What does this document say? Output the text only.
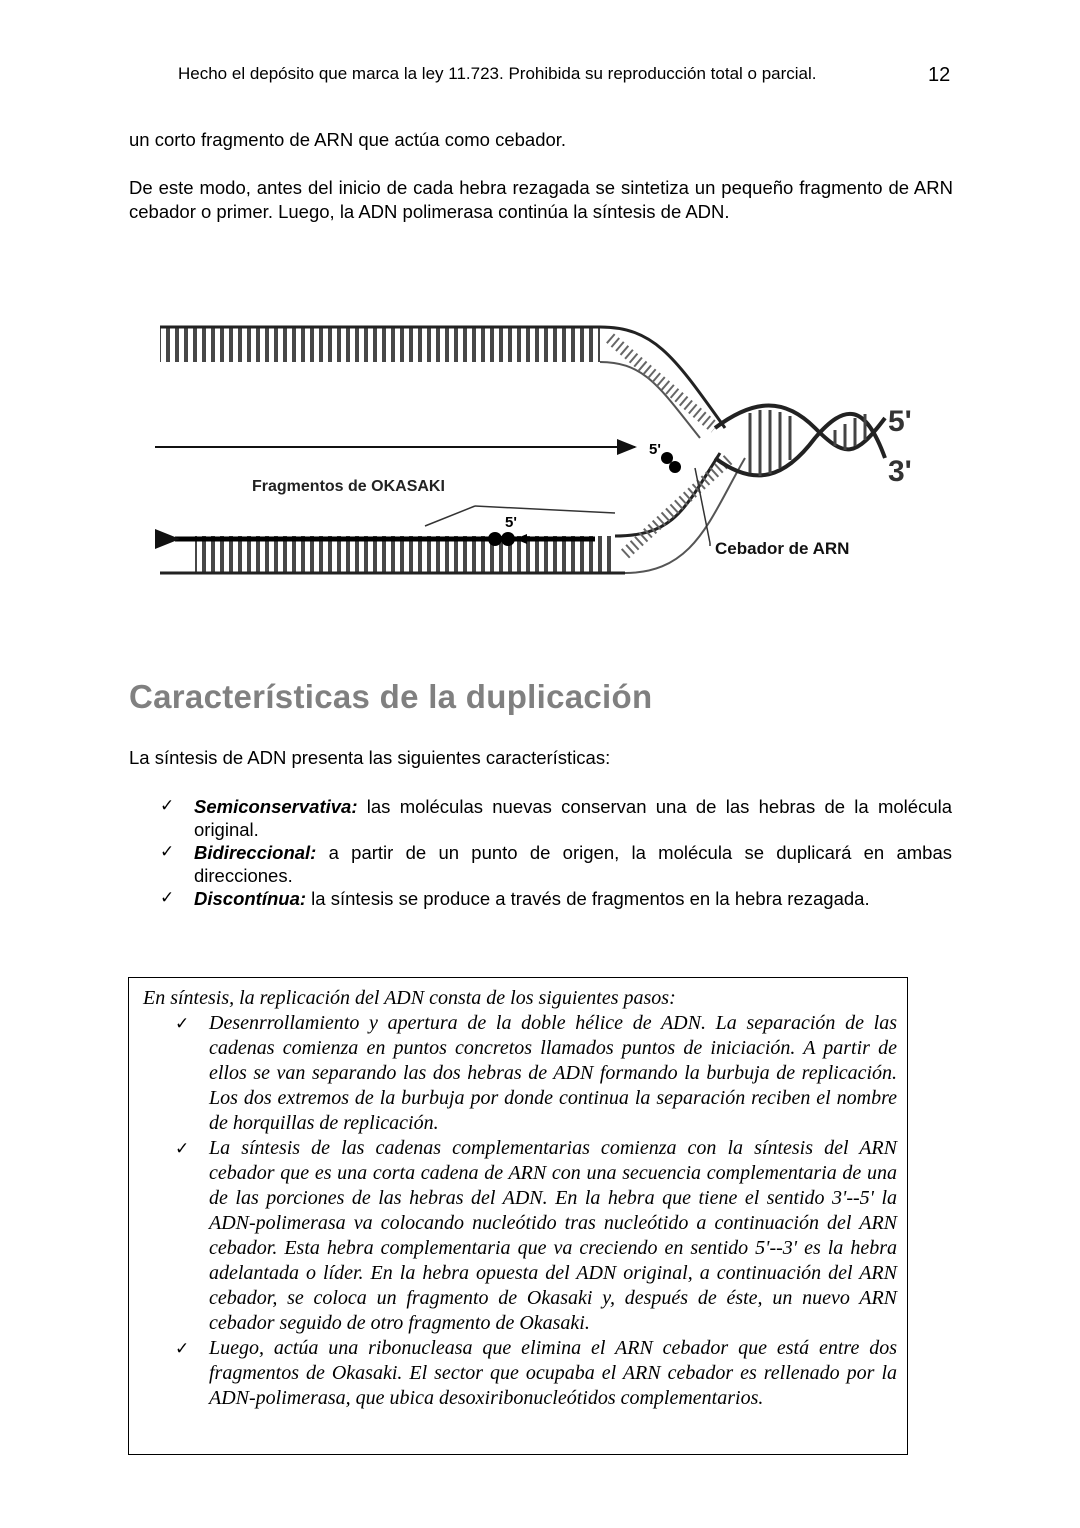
Hecho el depósito que marca la ley 11.723. Prohibida su reproducción total o parcial.	12
un corto fragmento de ARN que actúa como cebador.
De este modo, antes del inicio de cada hebra rezagada se sintetiza un pequeño fragmento de ARN cebador o primer. Luego, la ADN polimerasa continúa la síntesis de ADN.
Fragmentos de OKASAKI
Cebador de ARN
5'
5'
5'
3'
Características de la duplicación
La síntesis de ADN presenta las siguientes características:
✓ Semiconservativa: las moléculas nuevas conservan una de las hebras de la molécula original.
✓ Bidireccional: a partir de un punto de origen, la molécula se duplicará en ambas direcciones.
✓ Discontínua: la síntesis se produce a través de fragmentos en la hebra rezagada.
En síntesis, la replicación del ADN consta de los siguientes pasos:
✓ Desenrrollamiento y apertura de la doble hélice de ADN. La separación de las cadenas comienza en puntos concretos llamados puntos de iniciación. A partir de ellos se van separando las dos hebras de ADN formando la burbuja de replicación. Los dos extremos de la burbuja por donde continua la separación reciben el nombre de horquillas de replicación.
✓ La síntesis de las cadenas complementarias comienza con la síntesis del ARN cebador que es una corta cadena de ARN con una secuencia complementaria de una de las porciones de las hebras del ADN. En la hebra que tiene el sentido 3'--5' la ADN-polimerasa va colocando nucleótido tras nucleótido a continuación del ARN cebador. Esta hebra complementaria que va creciendo en sentido 5'--3' es la hebra adelantada o líder. En la hebra opuesta del ADN original, a continuación del ARN cebador, se coloca un fragmento de Okasaki y, después de éste, un nuevo ARN cebador seguido de otro fragmento de Okasaki.
✓ Luego, actúa una ribonucleasa que elimina el ARN cebador que está entre dos fragmentos de Okasaki. El sector que ocupaba el ARN cebador es rellenado por la ADN-polimerasa, que ubica desoxiribonucleótidos complementarios.
